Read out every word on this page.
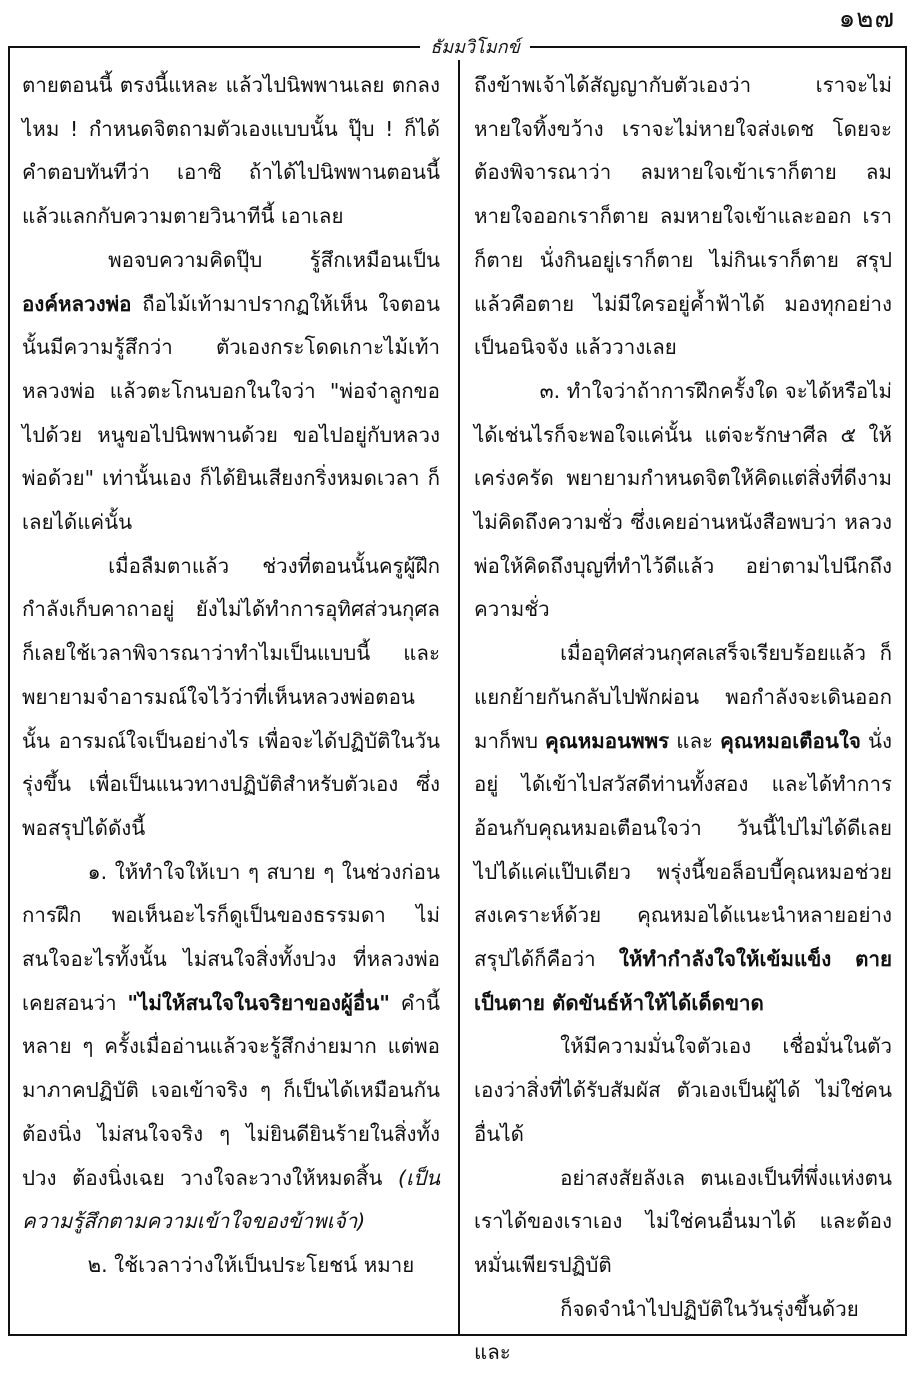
๑๒๗
ธัมมวิโมกข์

ตายตอนนี้ ตรงนี้แหละ แล้วไปนิพพานเลย ตกลงไหม ! กำหนดจิตถามตัวเองแบบนั้น ปุ๊บ ! ก็ได้คำตอบทันทีว่า เอาซิ ถ้าได้ไปนิพพานตอนนี้ แล้วแลกกับความตายวินาทีนี้ เอาเลย

พอจบความคิดปุ๊บ รู้สึกเหมือนเป็น องค์หลวงพ่อ ถือไม้เท้ามาปรากฏให้เห็น ใจตอนนั้นมีความรู้สึกว่า ตัวเองกระโดดเกาะไม้เท้าหลวงพ่อ แล้วตะโกนบอกในใจว่า "พ่อจ๋าลูกขอไปด้วย หนูขอไปนิพพานด้วย ขอไปอยู่กับหลวงพ่อด้วย" เท่านั้นเอง ก็ได้ยินเสียงกริ่งหมดเวลา ก็เลยได้แค่นั้น

เมื่อลืมตาแล้ว ช่วงที่ตอนนั้นครูผู้ฝึกกำลังเก็บคาถาอยู่ ยังไม่ได้ทำการอุทิศส่วนกุศล ก็เลยใช้เวลาพิจารณาว่าทำไมเป็นแบบนี้ และพยายามจำอารมณ์ใจไว้ว่าที่เห็นหลวงพ่อตอนนั้น อารมณ์ใจเป็นอย่างไร เพื่อจะได้ปฏิบัติในวันรุ่งขึ้น เพื่อเป็นแนวทางปฏิบัติสำหรับตัวเอง ซึ่งพอสรุปได้ดังนี้

๑. ให้ทำใจให้เบา ๆ สบาย ๆ ในช่วงก่อนการฝึก พอเห็นอะไรก็ดูเป็นของธรรมดา ไม่สนใจอะไรทั้งนั้น ไม่สนใจสิ่งทั้งปวง ที่หลวงพ่อเคยสอนว่า "ไม่ให้สนใจในจริยาของผู้อื่น" คำนี้หลาย ๆ ครั้งเมื่ออ่านแล้วจะรู้สึกง่ายมาก แต่พอมาภาคปฏิบัติ เจอเข้าจริง ๆ ก็เป็นได้เหมือนกัน ต้องนิ่ง ไม่สนใจจริง ๆ ไม่ยินดียินร้ายในสิ่งทั้งปวง ต้องนิ่งเฉย วางใจละวางให้หมดสิ้น (เป็นความรู้สึกตามความเข้าใจของข้าพเจ้า)

๒. ใช้เวลาว่างให้เป็นประโยชน์ หมาย

ถึงข้าพเจ้าได้สัญญากับตัวเองว่า เราจะไม่หายใจทิ้งขว้าง เราจะไม่หายใจส่งเดช โดยจะต้องพิจารณาว่า ลมหายใจเข้าเราก็ตาย ลมหายใจออกเราก็ตาย ลมหายใจเข้าและออก เราก็ตาย นั่งกินอยู่เราก็ตาย ไม่กินเราก็ตาย สรุปแล้วคือตาย ไม่มีใครอยู่ค้ำฟ้าได้ มองทุกอย่างเป็นอนิจจัง แล้ววางเลย

๓. ทำใจว่าถ้าการฝึกครั้งใด จะได้หรือไม่ได้เช่นไรก็จะพอใจแค่นั้น แต่จะรักษาศีล ๕ ให้เคร่งครัด พยายามกำหนดจิตให้คิดแต่สิ่งที่ดีงาม ไม่คิดถึงความชั่ว ซึ่งเคยอ่านหนังสือพบว่า หลวงพ่อให้คิดถึงบุญที่ทำไว้ดีแล้ว อย่าตามไปนึกถึงความชั่ว

เมื่ออุทิศส่วนกุศลเสร็จเรียบร้อยแล้ว ก็แยกย้ายกันกลับไปพักผ่อน พอกำลังจะเดินออกมาก็พบ คุณหมอนพพร และ คุณหมอเตือนใจ นั่งอยู่ ได้เข้าไปสวัสดีท่านทั้งสอง และได้ทำการอ้อนกับคุณหมอเตือนใจว่า วันนี้ไปไม่ได้ดีเลย ไปได้แค่แป๊บเดียว พรุ่งนี้ขอล็อบบี้คุณหมอช่วยสงเคราะห์ด้วย คุณหมอได้แนะนำหลายอย่าง สรุปได้ก็คือว่า ให้ทำกำลังใจให้เข้มแข็ง ตายเป็นตาย ตัดขันธ์ห้าให้ได้เด็ดขาด

ให้มีความมั่นใจตัวเอง เชื่อมั่นในตัวเองว่าสิ่งที่ได้รับสัมผัส ตัวเองเป็นผู้ได้ ไม่ใช่คนอื่นได้

อย่าสงสัยลังเล ตนเองเป็นที่พึ่งแห่งตน เราได้ของเราเอง ไม่ใช่คนอื่นมาได้ และต้องหมั่นเพียรปฏิบัติ

ก็จดจำนำไปปฏิบัติในวันรุ่งขึ้นด้วยและ
